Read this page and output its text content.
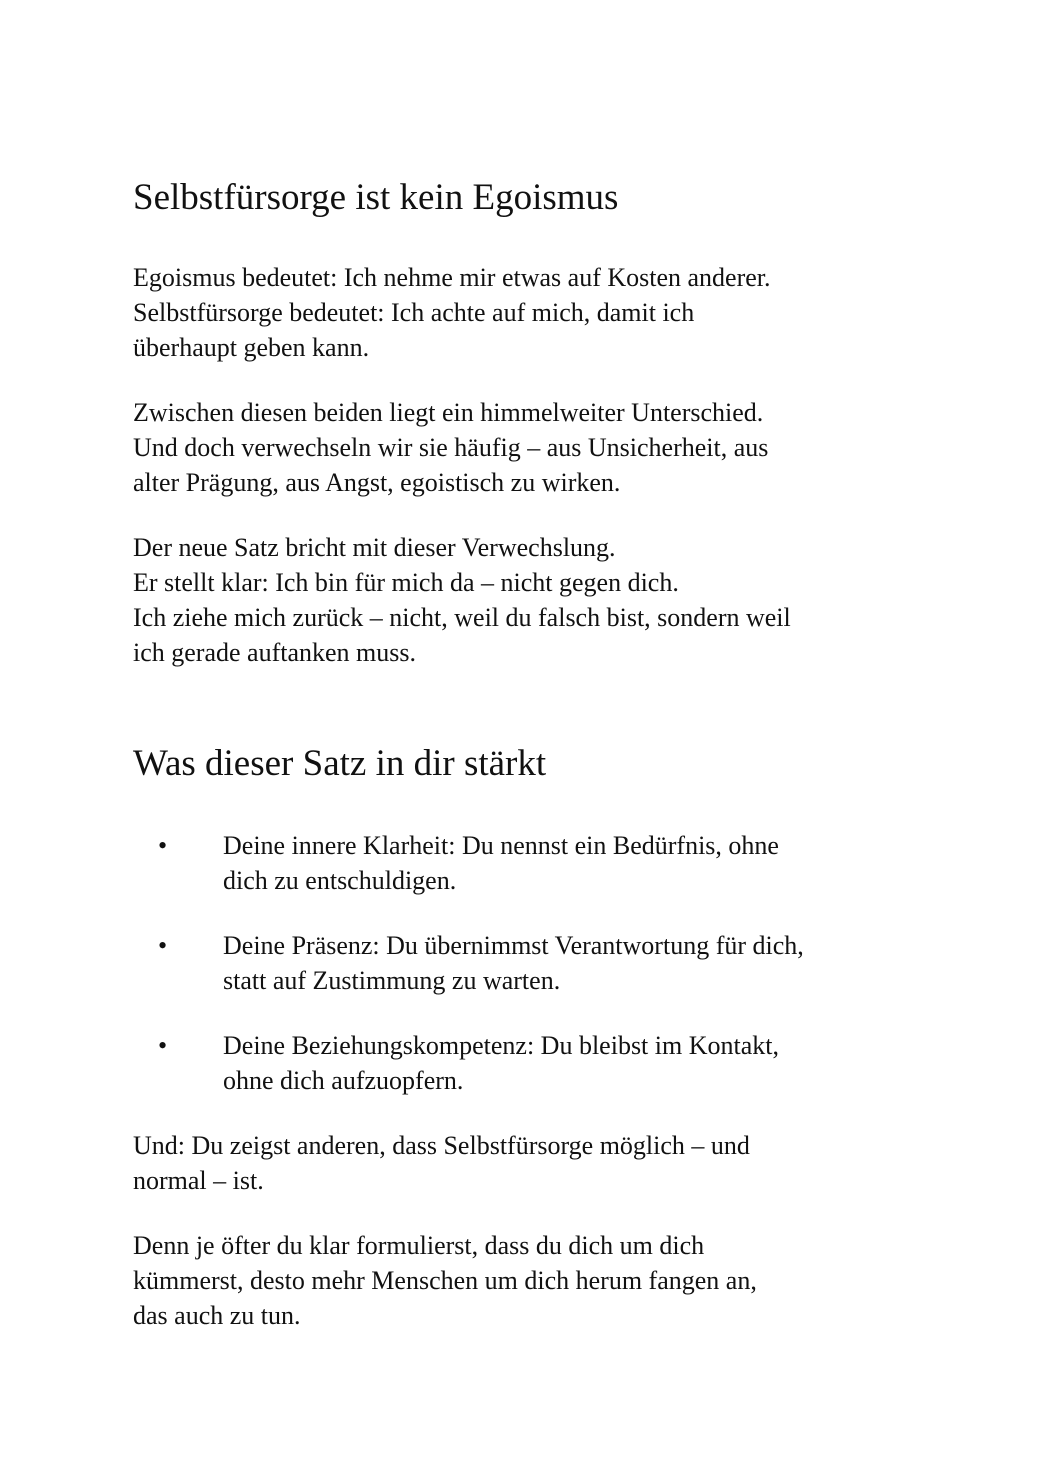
Selbstfürsorge ist kein Egoismus

Egoismus bedeutet: Ich nehme mir etwas auf Kosten anderer.
Selbstfürsorge bedeutet: Ich achte auf mich, damit ich
überhaupt geben kann.

Zwischen diesen beiden liegt ein himmelweiter Unterschied.
Und doch verwechseln wir sie häufig – aus Unsicherheit, aus
alter Prägung, aus Angst, egoistisch zu wirken.

Der neue Satz bricht mit dieser Verwechslung.
Er stellt klar: Ich bin für mich da – nicht gegen dich.
Ich ziehe mich zurück – nicht, weil du falsch bist, sondern weil
ich gerade auftanken muss.

Was dieser Satz in dir stärkt
• Deine innere Klarheit: Du nennst ein Bedürfnis, ohne
dich zu entschuldigen.
• Deine Präsenz: Du übernimmst Verantwortung für dich,
statt auf Zustimmung zu warten.
• Deine Beziehungskompetenz: Du bleibst im Kontakt,
ohne dich aufzuopfern.

Und: Du zeigst anderen, dass Selbstfürsorge möglich – und
normal – ist.

Denn je öfter du klar formulierst, dass du dich um dich
kümmerst, desto mehr Menschen um dich herum fangen an,
das auch zu tun.
